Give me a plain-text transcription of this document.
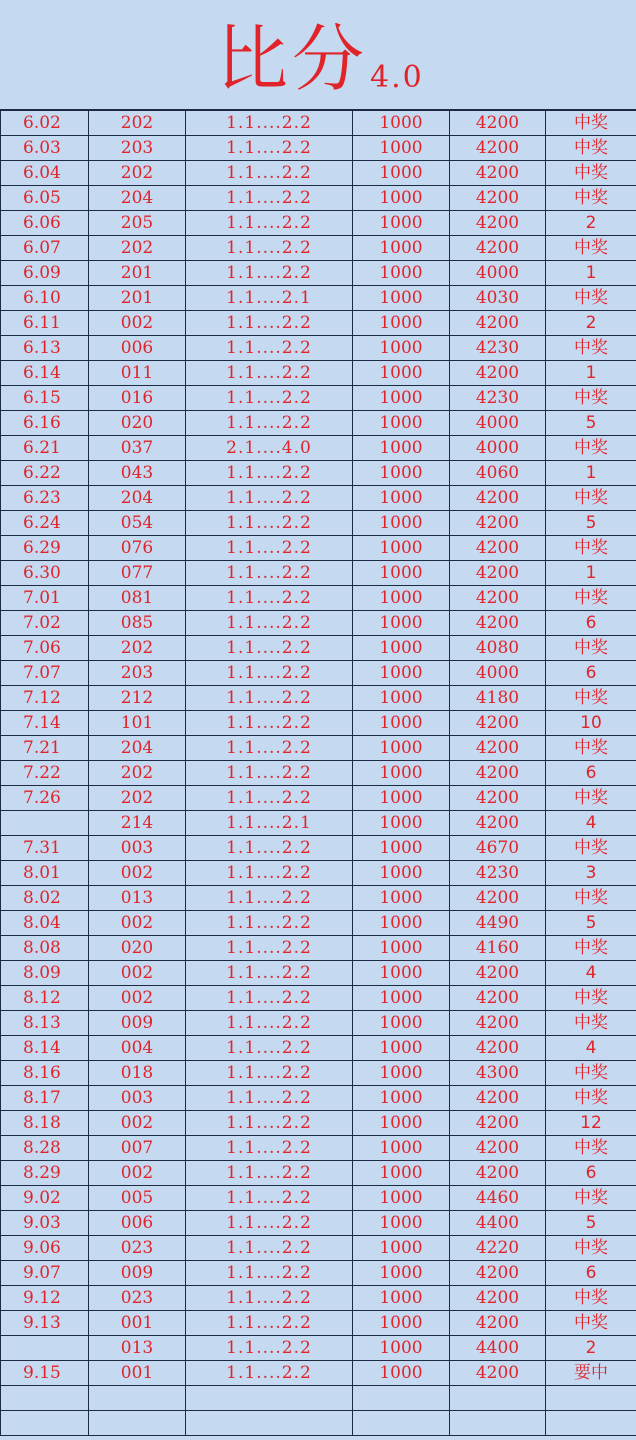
比分 4.0
6.02	202	1.1....2.2	1000	4200	中奖
6.03	203	1.1....2.2	1000	4200	中奖
6.04	202	1.1....2.2	1000	4200	中奖
6.05	204	1.1....2.2	1000	4200	中奖
6.06	205	1.1....2.2	1000	4200	2
6.07	202	1.1....2.2	1000	4200	中奖
6.09	201	1.1....2.2	1000	4000	1
6.10	201	1.1....2.1	1000	4030	中奖
6.11	002	1.1....2.2	1000	4200	2
6.13	006	1.1....2.2	1000	4230	中奖
6.14	011	1.1....2.2	1000	4200	1
6.15	016	1.1....2.2	1000	4230	中奖
6.16	020	1.1....2.2	1000	4000	5
6.21	037	2.1....4.0	1000	4000	中奖
6.22	043	1.1....2.2	1000	4060	1
6.23	204	1.1....2.2	1000	4200	中奖
6.24	054	1.1....2.2	1000	4200	5
6.29	076	1.1....2.2	1000	4200	中奖
6.30	077	1.1....2.2	1000	4200	1
7.01	081	1.1....2.2	1000	4200	中奖
7.02	085	1.1....2.2	1000	4200	6
7.06	202	1.1....2.2	1000	4080	中奖
7.07	203	1.1....2.2	1000	4000	6
7.12	212	1.1....2.2	1000	4180	中奖
7.14	101	1.1....2.2	1000	4200	10
7.21	204	1.1....2.2	1000	4200	中奖
7.22	202	1.1....2.2	1000	4200	6
7.26	202	1.1....2.2	1000	4200	中奖
	214	1.1....2.1	1000	4200	4
7.31	003	1.1....2.2	1000	4670	中奖
8.01	002	1.1....2.2	1000	4230	3
8.02	013	1.1....2.2	1000	4200	中奖
8.04	002	1.1....2.2	1000	4490	5
8.08	020	1.1....2.2	1000	4160	中奖
8.09	002	1.1....2.2	1000	4200	4
8.12	002	1.1....2.2	1000	4200	中奖
8.13	009	1.1....2.2	1000	4200	中奖
8.14	004	1.1....2.2	1000	4200	4
8.16	018	1.1....2.2	1000	4300	中奖
8.17	003	1.1....2.2	1000	4200	中奖
8.18	002	1.1....2.2	1000	4200	12
8.28	007	1.1....2.2	1000	4200	中奖
8.29	002	1.1....2.2	1000	4200	6
9.02	005	1.1....2.2	1000	4460	中奖
9.03	006	1.1....2.2	1000	4400	5
9.06	023	1.1....2.2	1000	4220	中奖
9.07	009	1.1....2.2	1000	4200	6
9.12	023	1.1....2.2	1000	4200	中奖
9.13	001	1.1....2.2	1000	4200	中奖
	013	1.1....2.2	1000	4400	2
9.15	001	1.1....2.2	1000	4200	要中
